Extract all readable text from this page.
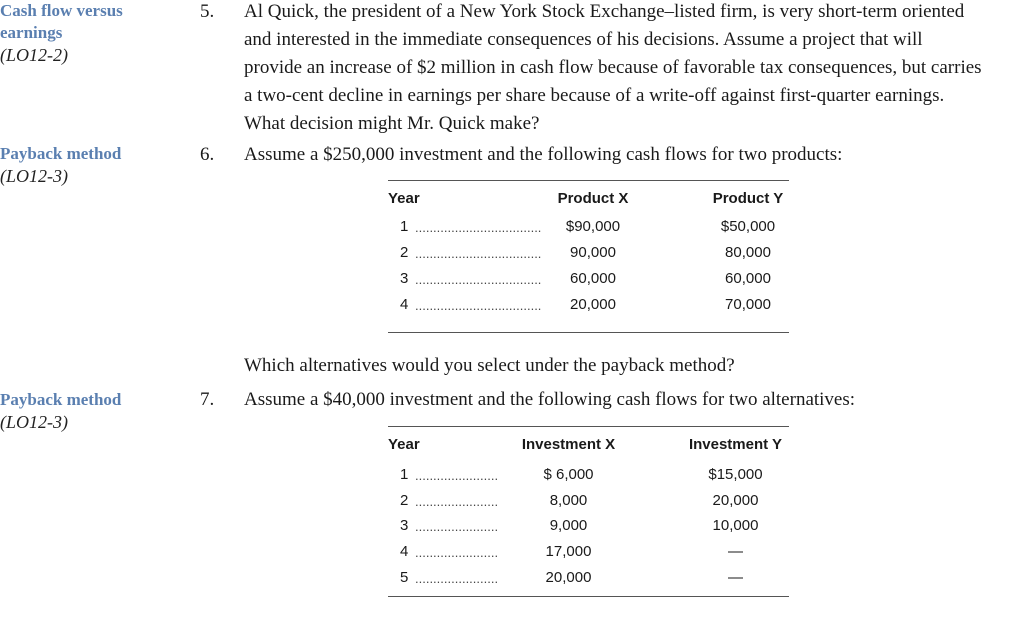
Cash flow versus
earnings
(LO12-2)
Payback method
(LO12-3)
Payback method
(LO12-3)
5. Al Quick, the president of a New York Stock Exchange–listed firm, is very short-term oriented and interested in the immediate consequences of his decisions. Assume a project that will provide an increase of $2 million in cash flow because of favorable tax consequences, but carries a two-cent decline in earnings per share because of a write-off against first-quarter earnings. What decision might Mr. Quick make?
6. Assume a $250,000 investment and the following cash flows for two products:
Year	Product X	Product Y
1 ...................................	$90,000	$50,000
2 ...................................	90,000	80,000
3 ...................................	60,000	60,000
4 ...................................	20,000	70,000
Which alternatives would you select under the payback method?
7. Assume a $40,000 investment and the following cash flows for two alternatives:
Year	Investment X	Investment Y
1 .......................	$ 6,000	$15,000
2 .......................	8,000	20,000
3 .......................	9,000	10,000
4 .......................	17,000	—
5 .......................	20,000	—
